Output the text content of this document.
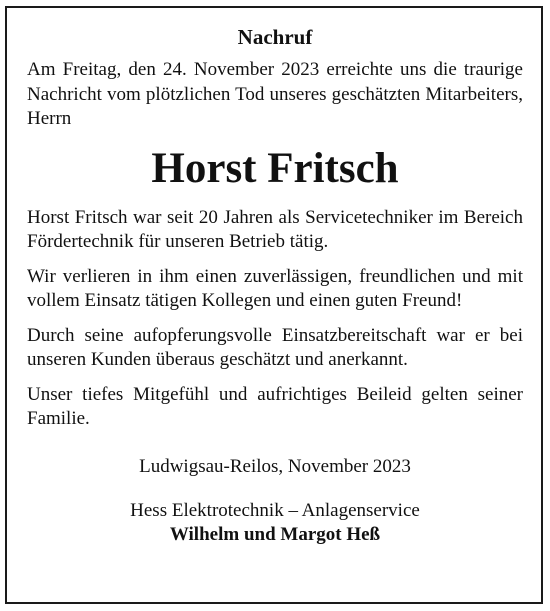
Nachruf

Am Freitag, den 24. November 2023 erreichte uns die traurige Nachricht vom plötzlichen Tod unseres geschätzten Mitarbeiters, Herrn

Horst Fritsch

Horst Fritsch war seit 20 Jahren als Servicetechniker im Bereich Fördertechnik für unseren Betrieb tätig.

Wir verlieren in ihm einen zuverlässigen, freundlichen und mit vollem Einsatz tätigen Kollegen und einen guten Freund!

Durch seine aufopferungsvolle Einsatzbereitschaft war er bei unseren Kunden überaus geschätzt und anerkannt.

Unser tiefes Mitgefühl und aufrichtiges Beileid gelten seiner Familie.

Ludwigsau-Reilos, November 2023
Hess Elektrotechnik – Anlagenservice
Wilhelm und Margot Heß
